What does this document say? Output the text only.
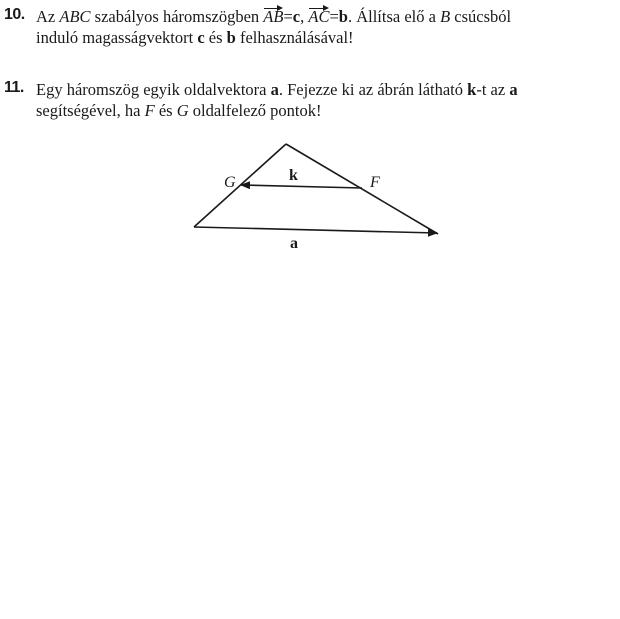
10. Az ABC szabályos háromszögben AB=c, AC=b. Állítsa elő a B csúcsból
induló magasságvektort c és b felhasználásával!
11. Egy háromszög egyik oldalvektora a. Fejezze ki az ábrán látható k-t az a
segítségével, ha F és G oldalfelező pontok!
G	k	F
a
